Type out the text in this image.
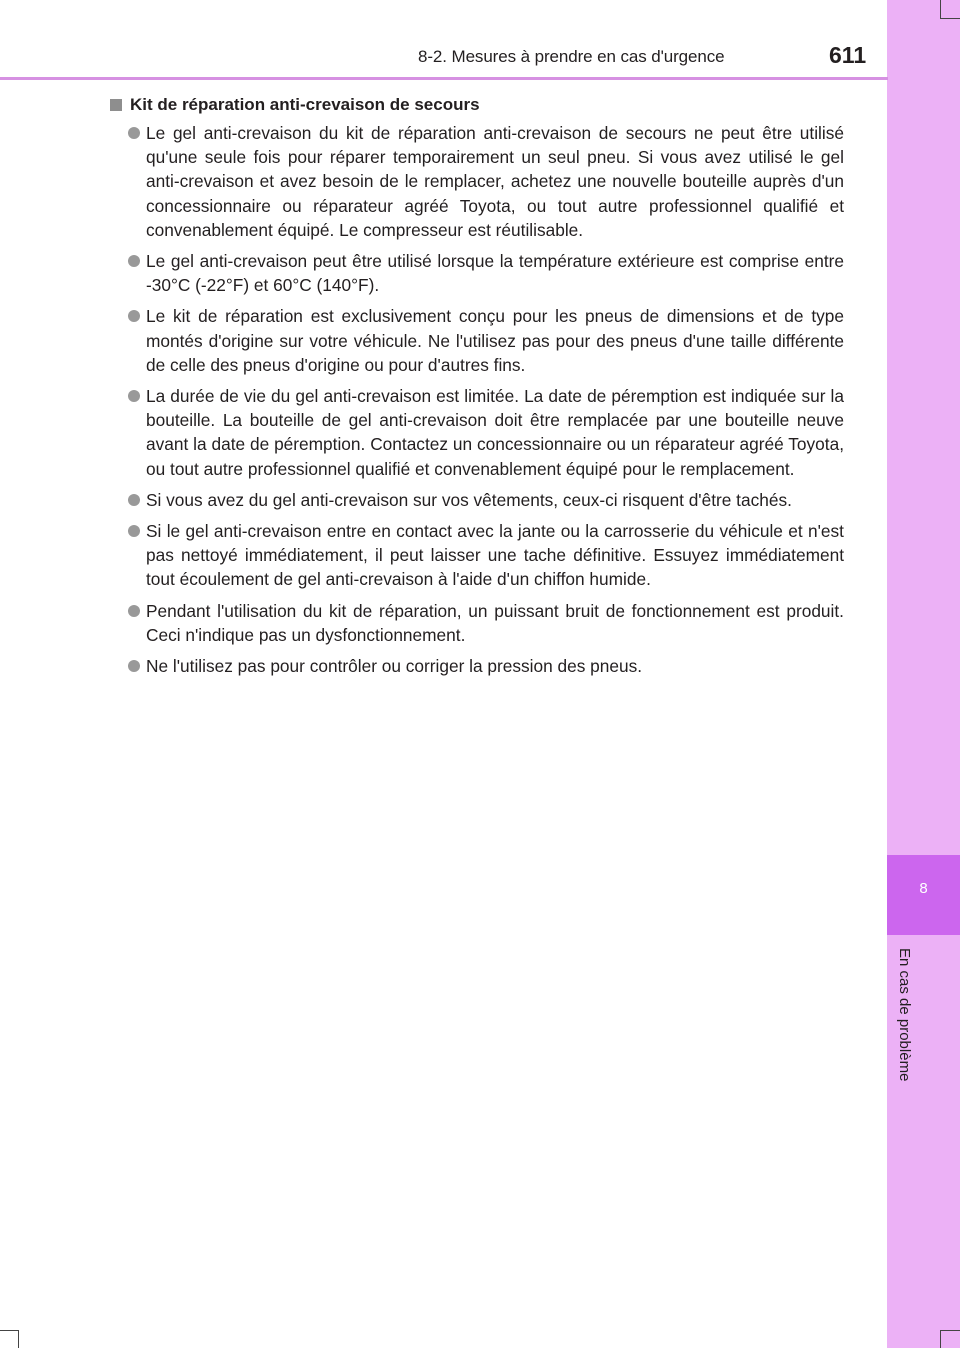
8
En cas de problème
8-2. Mesures à prendre en cas d'urgence	611
Kit de réparation anti-crevaison de secours
Le gel anti-crevaison du kit de réparation anti-crevaison de secours ne peut être utilisé qu'une seule fois pour réparer temporairement un seul pneu. Si vous avez utilisé le gel anti-crevaison et avez besoin de le remplacer, achetez une nouvelle bouteille auprès d'un concessionnaire ou réparateur agréé Toyota, ou tout autre professionnel qualifié et convenablement équipé. Le compresseur est réutilisable.
Le gel anti-crevaison peut être utilisé lorsque la température extérieure est comprise entre -30°C (-22°F) et 60°C (140°F).
Le kit de réparation est exclusivement conçu pour les pneus de dimensions et de type montés d'origine sur votre véhicule. Ne l'utilisez pas pour des pneus d'une taille différente de celle des pneus d'origine ou pour d'autres fins.
La durée de vie du gel anti-crevaison est limitée. La date de péremption est indiquée sur la bouteille. La bouteille de gel anti-crevaison doit être remplacée par une bouteille neuve avant la date de péremption. Contactez un concessionnaire ou un réparateur agréé Toyota, ou tout autre professionnel qualifié et convenablement équipé pour le remplacement.
Si vous avez du gel anti-crevaison sur vos vêtements, ceux-ci risquent d'être tachés.
Si le gel anti-crevaison entre en contact avec la jante ou la carrosserie du véhicule et n'est pas nettoyé immédiatement, il peut laisser une tache définitive. Essuyez immédiatement tout écoulement de gel anti-crevaison à l'aide d'un chiffon humide.
Pendant l'utilisation du kit de réparation, un puissant bruit de fonctionnement est produit. Ceci n'indique pas un dysfonctionnement.
Ne l'utilisez pas pour contrôler ou corriger la pression des pneus.
